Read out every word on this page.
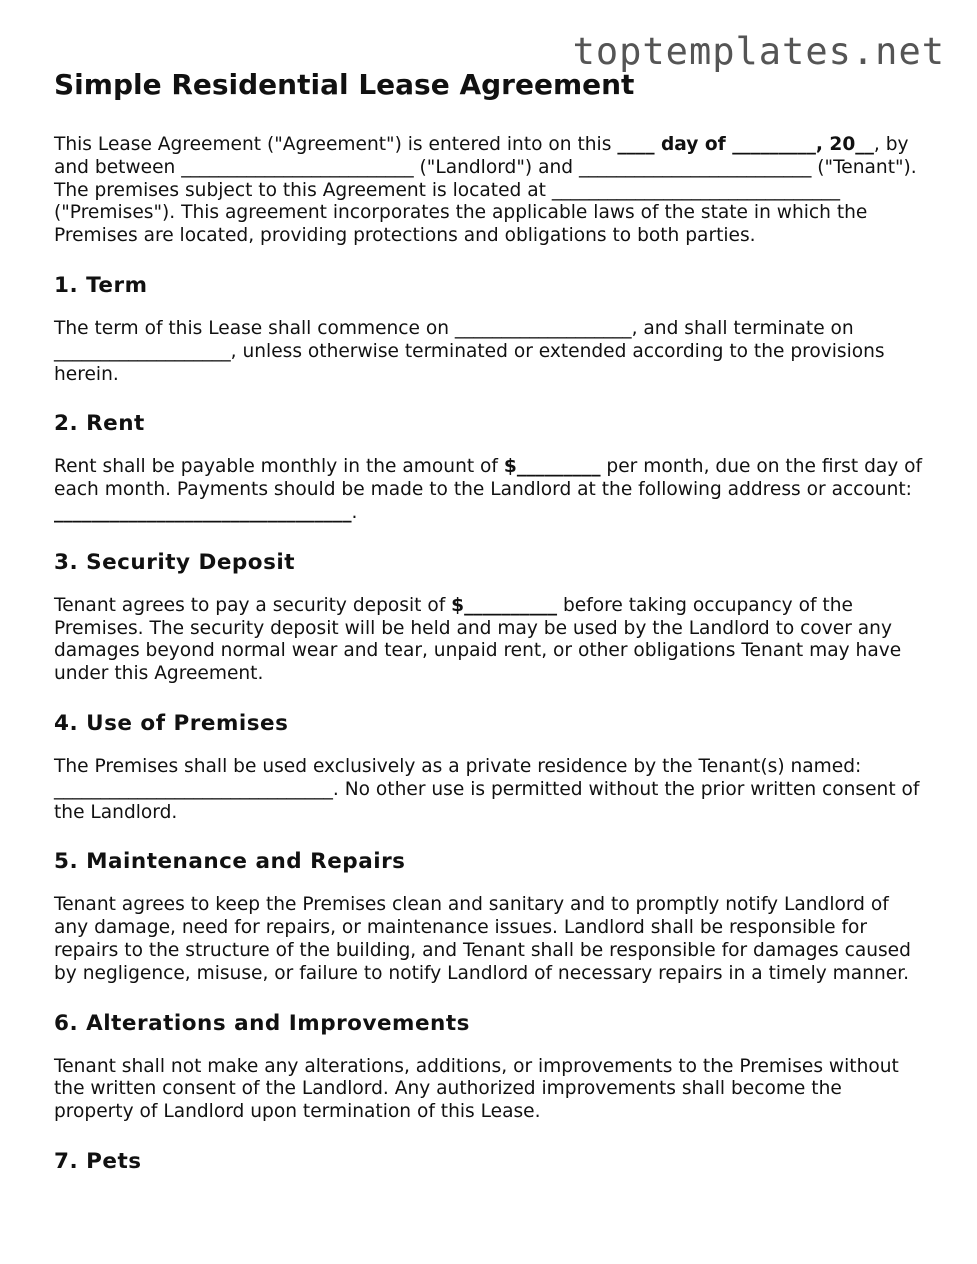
toptemplates.net
Simple Residential Lease Agreement

This Lease Agreement ("Agreement") is entered into on this ____ day of _________, 20__, by and between _________________________ ("Landlord") and _________________________ ("Tenant"). The premises subject to this Agreement is located at _______________________________ ("Premises"). This agreement incorporates the applicable laws of the state in which the Premises are located, providing protections and obligations to both parties.

1. Term

The term of this Lease shall commence on ___________________, and shall terminate on ___________________, unless otherwise terminated or extended according to the provisions herein.

2. Rent

Rent shall be payable monthly in the amount of $_________ per month, due on the first day of each month. Payments should be made to the Landlord at the following address or account: ________________________________.

3. Security Deposit

Tenant agrees to pay a security deposit of $__________ before taking occupancy of the Premises. The security deposit will be held and may be used by the Landlord to cover any damages beyond normal wear and tear, unpaid rent, or other obligations Tenant may have under this Agreement.

4. Use of Premises

The Premises shall be used exclusively as a private residence by the Tenant(s) named: ______________________________. No other use is permitted without the prior written consent of the Landlord.

5. Maintenance and Repairs

Tenant agrees to keep the Premises clean and sanitary and to promptly notify Landlord of any damage, need for repairs, or maintenance issues. Landlord shall be responsible for repairs to the structure of the building, and Tenant shall be responsible for damages caused by negligence, misuse, or failure to notify Landlord of necessary repairs in a timely manner.

6. Alterations and Improvements

Tenant shall not make any alterations, additions, or improvements to the Premises without the written consent of the Landlord. Any authorized improvements shall become the property of Landlord upon termination of this Lease.

7. Pets
